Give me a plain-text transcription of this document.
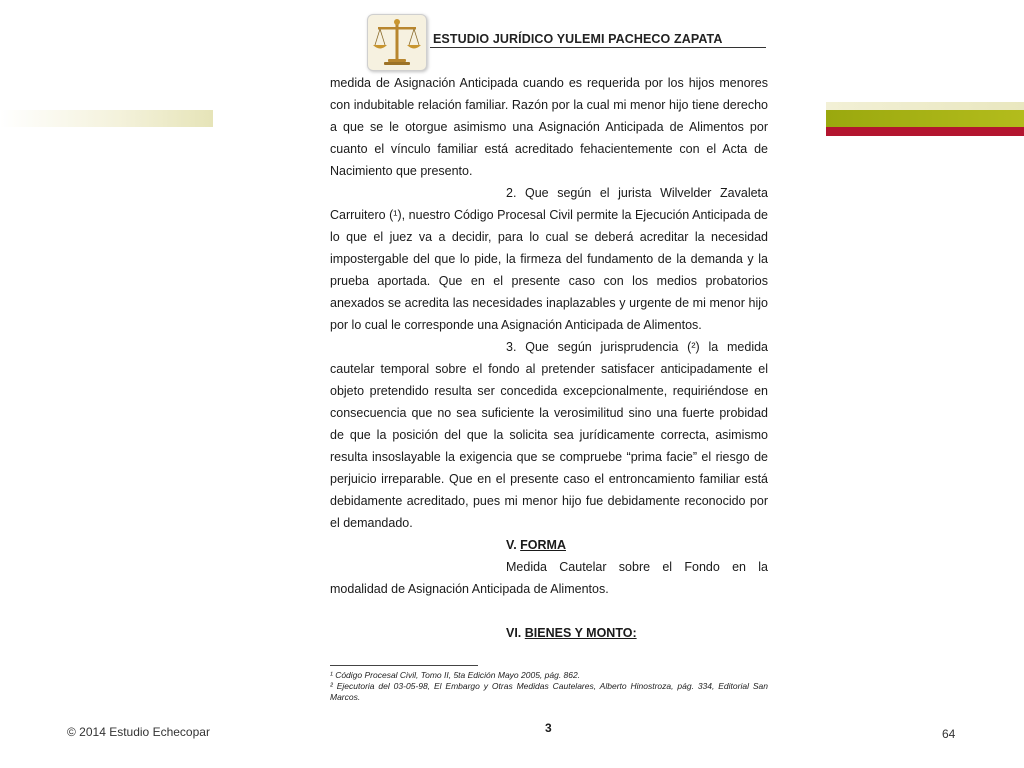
ESTUDIO JURÍDICO YULEMI PACHECO ZAPATA

medida de Asignación Anticipada cuando es requerida por los hijos menores con indubitable relación familiar. Razón por la cual mi menor hijo tiene derecho a que se le otorgue asimismo una Asignación Anticipada de Alimentos por cuanto el vínculo familiar está acreditado fehacientemente con el Acta de Nacimiento que presento.

2. Que según el jurista Wilvelder Zavaleta Carruitero (¹), nuestro Código Procesal Civil permite la Ejecución Anticipada de lo que el juez va a decidir, para lo cual se deberá acreditar la necesidad impostergable del que lo pide, la firmeza del fundamento de la demanda y la prueba aportada. Que en el presente caso con los medios probatorios anexados se acredita las necesidades inaplazables y urgente de mi menor hijo por lo cual le corresponde una Asignación Anticipada de Alimentos.

3. Que según jurisprudencia (²) la medida cautelar temporal sobre el fondo al pretender satisfacer anticipadamente el objeto pretendido resulta ser concedida excepcionalmente, requiriéndose en consecuencia que no sea suficiente la verosimilitud sino una fuerte probidad de que la posición del que la solicita sea jurídicamente correcta, asimismo resulta insoslayable la exigencia que se compruebe “prima facie” el riesgo de perjuicio irreparable. Que en el presente caso el entroncamiento familiar está debidamente acreditado, pues mi menor hijo fue debidamente reconocido por el demandado.

V. FORMA

Medida Cautelar sobre el Fondo en la modalidad de Asignación Anticipada de Alimentos.

VI. BIENES Y MONTO:

¹ Código Procesal Civil, Tomo II, 5ta Edición Mayo 2005, pág. 862.

² Ejecutoria del 03-05-98, El Embargo y Otras Medidas Cautelares, Alberto Hinostroza, pág. 334, Editorial San Marcos.

3
© 2014 Estudio Echecopar	64
